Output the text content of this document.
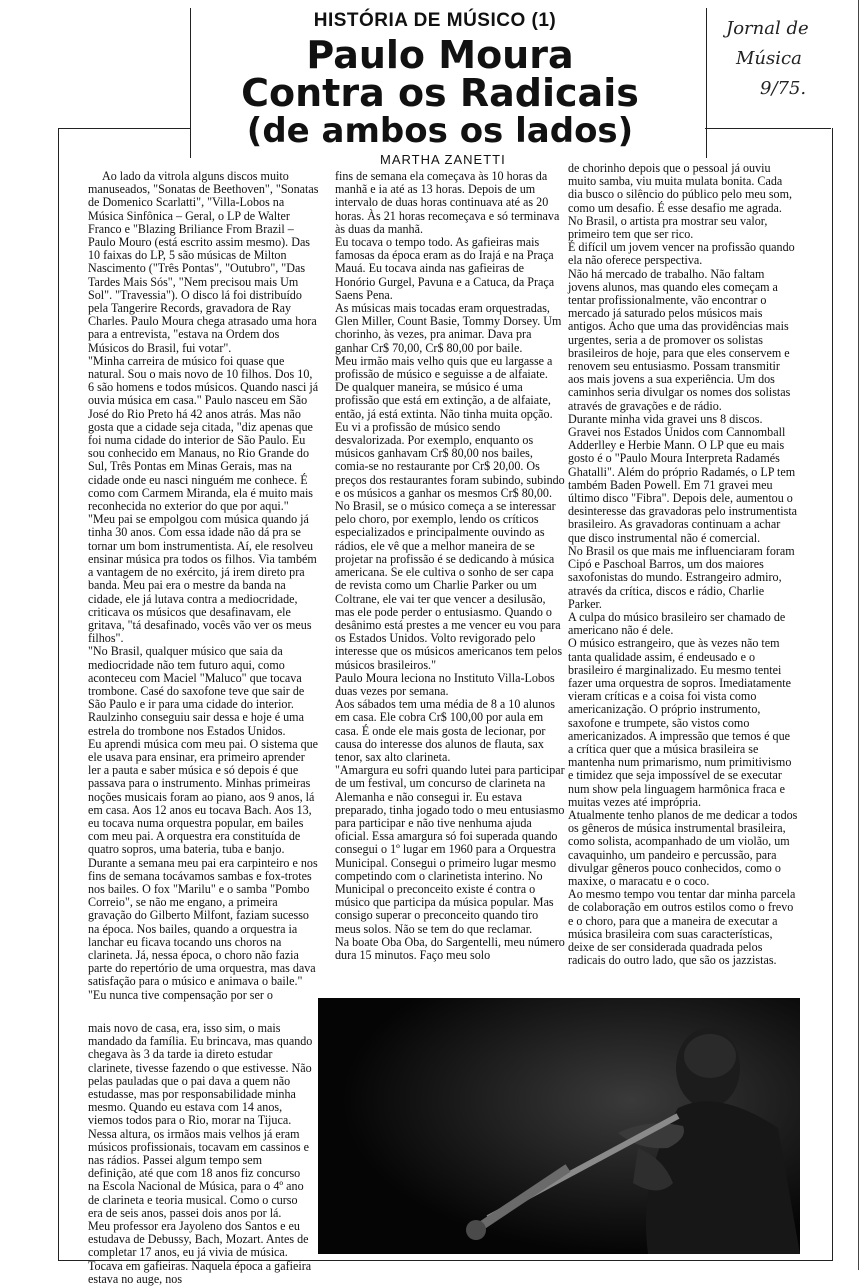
HISTÓRIA DE MÚSICO (1)
Paulo Moura
Contra os Radicais
(de ambos os lados)
Jornal de
Música
9/75.
MARTHA ZANETTI

Ao lado da vitrola alguns discos muito manuseados, "Sonatas de Beethoven", "Sonatas de Domenico Scarlatti", "Villa-Lobos na Música Sinfônica – Geral, o LP de Walter Franco e "Blazing Briliance From Brazil – Paulo Mouro (está escrito assim mesmo). Das 10 faixas do LP, 5 são músicas de Milton Nascimento ("Três Pontas", "Outubro", "Das Tardes Mais Sós", "Nem precisou mais Um Sol". "Travessia"). O disco lá foi distribuído pela Tangerire Records, gravadora de Ray Charles. Paulo Moura chega atrasado uma hora para a entrevista, "estava na Ordem dos Músicos do Brasil, fui votar".

"Minha carreira de músico foi quase que natural. Sou o mais novo de 10 filhos. Dos 10, 6 são homens e todos músicos. Quando nasci já ouvia música em casa." Paulo nasceu em São José do Rio Preto há 42 anos atrás. Mas não gosta que a cidade seja citada, "diz apenas que foi numa cidade do interior de São Paulo. Eu sou conhecido em Manaus, no Rio Grande do Sul, Três Pontas em Minas Gerais, mas na cidade onde eu nasci ninguém me conhece. É como com Carmem Miranda, ela é muito mais reconhecida no exterior do que por aqui."

"Meu pai se empolgou com música quando já tinha 30 anos. Com essa idade não dá pra se tornar um bom instrumentista. Aí, ele resolveu ensinar música pra todos os filhos. Via também a vantagem de no exército, já irem direto pra banda. Meu pai era o mestre da banda na cidade, ele já lutava contra a mediocridade, criticava os músicos que desafinavam, ele gritava, "tá desafinado, vocês vão ver os meus filhos".

"No Brasil, qualquer músico que saia da mediocridade não tem futuro aqui, como aconteceu com Maciel "Maluco" que tocava trombone. Casé do saxofone teve que sair de São Paulo e ir para uma cidade do interior. Raulzinho conseguiu sair dessa e hoje é uma estrela do trombone nos Estados Unidos.

Eu aprendi música com meu pai. O sistema que ele usava para ensinar, era primeiro aprender ler a pauta e saber música e só depois é que passava para o instrumento. Minhas primeiras noções musicais foram ao piano, aos 9 anos, lá em casa. Aos 12 anos eu tocava Bach. Aos 13, eu tocava numa orquestra popular, em bailes com meu pai. A orquestra era constituída de quatro sopros, uma bateria, tuba e banjo. Durante a semana meu pai era carpinteiro e nos fins de semana tocávamos sambas e fox-trotes nos bailes. O fox "Marilu" e o samba "Pombo Correio", se não me engano, a primeira gravação do Gilberto Milfont, faziam sucesso na época. Nos bailes, quando a orquestra ia lanchar eu ficava tocando uns choros na clarineta. Já, nessa época, o choro não fazia parte do repertório de uma orquestra, mas dava satisfação para o músico e animava o baile."

"Eu nunca tive compensação por ser o

mais novo de casa, era, isso sim, o mais mandado da família. Eu brincava, mas quando chegava às 3 da tarde ia direto estudar clarinete, tivesse fazendo o que estivesse. Não pelas pauladas que o pai dava a quem não estudasse, mas por responsabilidade minha mesmo. Quando eu estava com 14 anos, viemos todos para o Rio, morar na Tijuca. Nessa altura, os irmãos mais velhos já eram músicos profissionais, tocavam em cassinos e nas rádios. Passei algum tempo sem definição, até que com 18 anos fiz concurso na Escola Nacional de Música, para o 4º ano de clarineta e teoria musical. Como o curso era de seis anos, passei dois anos por lá.

Meu professor era Jayoleno dos Santos e eu estudava de Debussy, Bach, Mozart. Antes de completar 17 anos, eu já vivia de música. Tocava em gafieiras. Naquela época a gafieira estava no auge, nos

fins de semana ela começava às 10 horas da manhã e ia até as 13 horas. Depois de um intervalo de duas horas continuava até as 20 horas. Às 21 horas recomeçava e só terminava às duas da manhã.

Eu tocava o tempo todo. As gafieiras mais famosas da época eram as do Irajá e na Praça Mauá. Eu tocava ainda nas gafieiras de Honório Gurgel, Pavuna e a Catuca, da Praça Saens Pena.

As músicas mais tocadas eram orquestradas, Glen Miller, Count Basie, Tommy Dorsey. Um chorinho, às vezes, pra animar. Dava pra ganhar Cr$ 70,00, Cr$ 80,00 por baile.

Meu irmão mais velho quis que eu largasse a profissão de músico e seguisse a de alfaiate. De qualquer maneira, se músico é uma profissão que está em extinção, a de alfaiate, então, já está extinta. Não tinha muita opção.

Eu vi a profissão de músico sendo desvalorizada. Por exemplo, enquanto os músicos ganhavam Cr$ 80,00 nos bailes, comia-se no restaurante por Cr$ 20,00. Os preços dos restaurantes foram subindo, subindo e os músicos a ganhar os mesmos Cr$ 80,00.

No Brasil, se o músico começa a se interessar pelo choro, por exemplo, lendo os críticos especializados e principalmente ouvindo as rádios, ele vê que a melhor maneira de se projetar na profissão é se dedicando à música americana. Se ele cultiva o sonho de ser capa de revista como um Charlie Parker ou um Coltrane, ele vai ter que vencer a desilusão, mas ele pode perder o entusiasmo. Quando o desânimo está prestes a me vencer eu vou para os Estados Unidos. Volto revigorado pelo interesse que os músicos americanos tem pelos músicos brasileiros."

Paulo Moura leciona no Instituto Villa-Lobos duas vezes por semana.

Aos sábados tem uma média de 8 a 10 alunos em casa. Ele cobra Cr$ 100,00 por aula em casa. É onde ele mais gosta de lecionar, por causa do interesse dos alunos de flauta, sax tenor, sax alto clarineta.

"Amargura eu sofri quando lutei para participar de um festival, um concurso de clarineta na Alemanha e não consegui ir. Eu estava preparado, tinha jogado todo o meu entusiasmo para participar e não tive nenhuma ajuda oficial. Essa amargura só foi superada quando consegui o 1º lugar em 1960 para a Orquestra Municipal. Consegui o primeiro lugar mesmo competindo com o clarinetista interino. No Municipal o preconceito existe é contra o músico que participa da música popular. Mas consigo superar o preconceito quando tiro meus solos. Não se tem do que reclamar.

Na boate Oba Oba, do Sargentelli, meu número dura 15 minutos. Faço meu solo

de chorinho depois que o pessoal já ouviu muito samba, viu muita mulata bonita. Cada dia busco o silêncio do público pelo meu som, como um desafio. É esse desafio me agrada.

No Brasil, o artista pra mostrar seu valor, primeiro tem que ser rico.

É difícil um jovem vencer na profissão quando ela não oferece perspectiva.

Não há mercado de trabalho. Não faltam jovens alunos, mas quando eles começam a tentar profissionalmente, vão encontrar o mercado já saturado pelos músicos mais antigos. Acho que uma das providências mais urgentes, seria a de promover os solistas brasileiros de hoje, para que eles conservem e renovem seu entusiasmo. Possam transmitir aos mais jovens a sua experiência. Um dos caminhos seria divulgar os nomes dos solistas através de gravações e de rádio.

Durante minha vida gravei uns 8 discos. Gravei nos Estados Unidos com Cannomball Adderlley e Herbie Mann. O LP que eu mais gosto é o "Paulo Moura Interpreta Radamés Ghatalli". Além do próprio Radamés, o LP tem também Baden Powell. Em 71 gravei meu último disco "Fibra". Depois dele, aumentou o desinteresse das gravadoras pelo instrumentista brasileiro. As gravadoras continuam a achar que disco instrumental não é comercial.

No Brasil os que mais me influenciaram foram Cipó e Paschoal Barros, um dos maiores saxofonistas do mundo. Estrangeiro admiro, através da crítica, discos e rádio, Charlie Parker.

A culpa do músico brasileiro ser chamado de americano não é dele.

O músico estrangeiro, que às vezes não tem tanta qualidade assim, é endeusado e o brasileiro é marginalizado. Eu mesmo tentei fazer uma orquestra de sopros. Imediatamente vieram críticas e a coisa foi vista como americanização. O próprio instrumento, saxofone e trumpete, são vistos como americanizados. A impressão que temos é que a crítica quer que a música brasileira se mantenha num primarismo, num primitivismo e timidez que seja impossível de se executar num show pela linguagem harmônica fraca e muitas vezes até imprópria.

Atualmente tenho planos de me dedicar a todos os gêneros de música instrumental brasileira, como solista, acompanhado de um violão, um cavaquinho, um pandeiro e percussão, para divulgar gêneros pouco conhecidos, como o maxixe, o maracatu e o coco.

Ao mesmo tempo vou tentar dar minha parcela de colaboração em outros estilos como o frevo e o choro, para que a maneira de executar a música brasileira com suas características, deixe de ser considerada quadrada pelos radicais do outro lado, que são os jazzistas.
